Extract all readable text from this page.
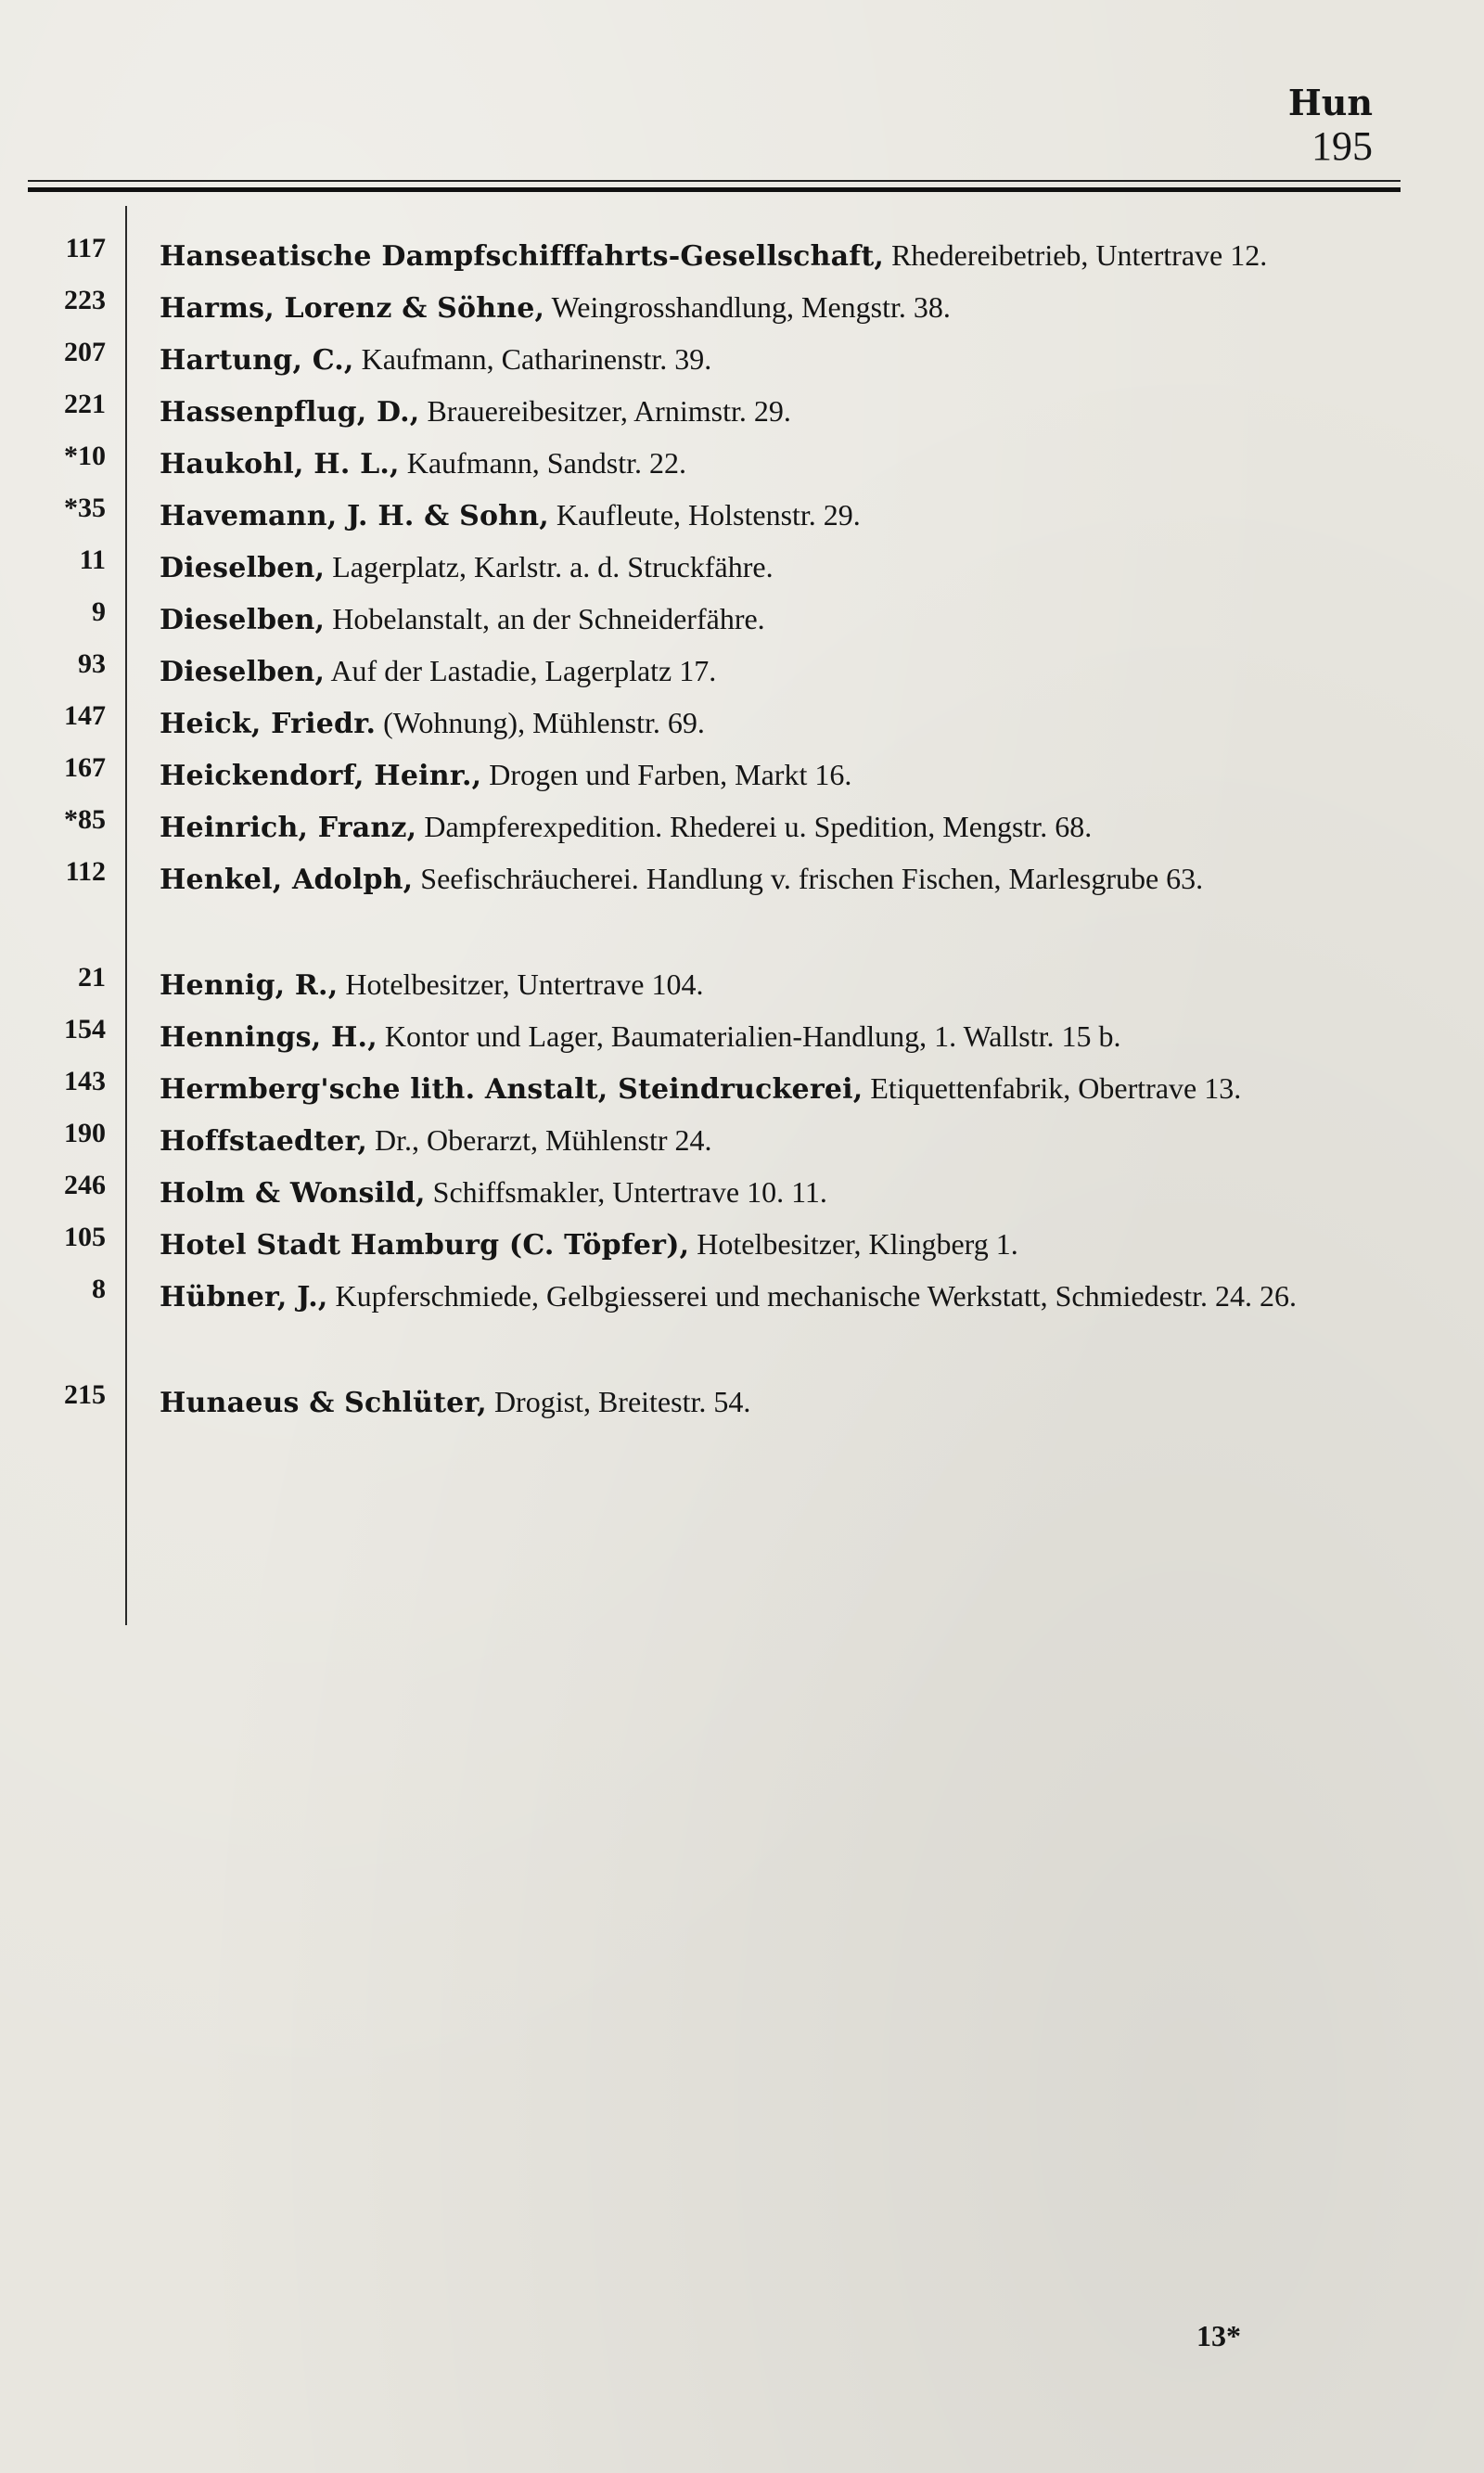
Hun
195
117 Hanseatische Dampfschifffahrts-Gesellschaft, Rhedereibetrieb, Untertrave 12.
223 Harms, Lorenz & Söhne, Weingrosshandlung, Mengstr. 38.
207 Hartung, C., Kaufmann, Catharinenstr. 39.
221 Hassenpflug, D., Brauereibesitzer, Arnimstr. 29.
*10 Haukohl, H. L., Kaufmann, Sandstr. 22.
*35 Havemann, J. H. & Sohn, Kaufleute, Holstenstr. 29.
11 Dieselben, Lagerplatz, Karlstr. a. d. Struckfähre.
9 Dieselben, Hobelanstalt, an der Schneiderfähre.
93 Dieselben, Auf der Lastadie, Lagerplatz 17.
147 Heick, Friedr. (Wohnung), Mühlenstr. 69.
167 Heickendorf, Heinr., Drogen und Farben, Markt 16.
*85 Heinrich, Franz, Dampferexpedition. Rhederei u. Spedition, Mengstr. 68.
112 Henkel, Adolph, Seefischräucherei. Handlung v. frischen Fischen, Marlesgrube 63.
21 Hennig, R., Hotelbesitzer, Untertrave 104.
154 Hennings, H., Kontor und Lager, Baumaterialien-Handlung, 1. Wallstr. 15 b.
143 Hermberg'sche lith. Anstalt, Steindruckerei, Etiquettenfabrik, Obertrave 13.
190 Hoffstaedter, Dr., Oberarzt, Mühlenstr 24.
246 Holm & Wonsild, Schiffsmakler, Untertrave 10. 11.
105 Hotel Stadt Hamburg (C. Töpfer), Hotelbesitzer, Klingberg 1.
8 Hübner, J., Kupferschmiede, Gelbgiesserei und mechanische Werkstatt, Schmiedestr. 24. 26.
215 Hunaeus & Schlüter, Drogist, Breitestr. 54.
13*
